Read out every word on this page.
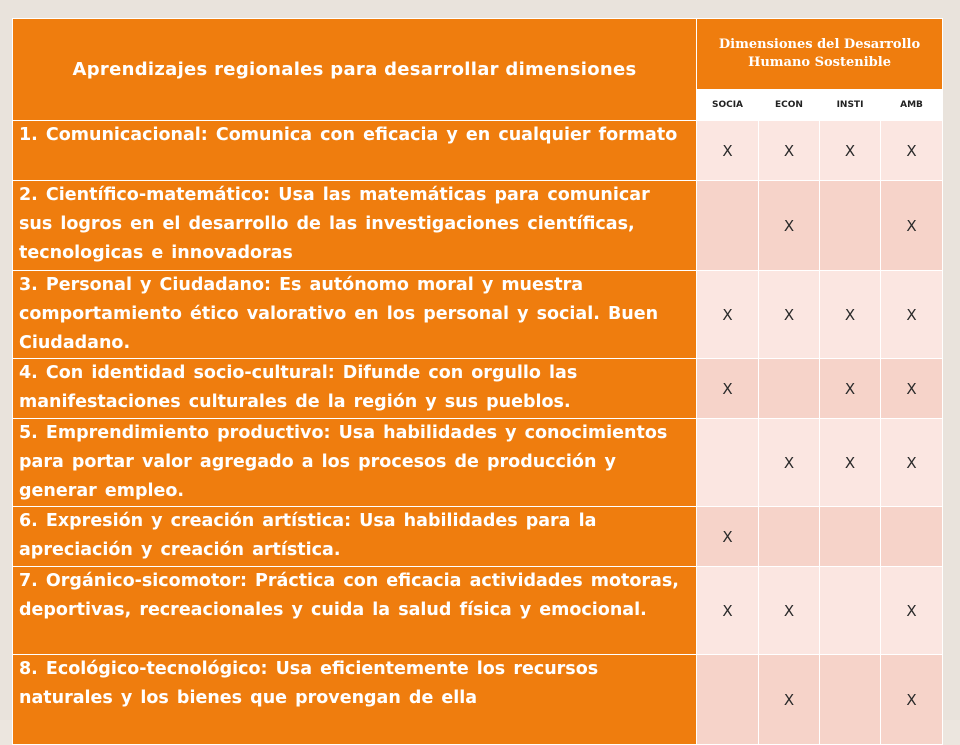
Aprendizajes regionales para desarrollar dimensiones	Dimensiones del Desarrollo Humano Sostenible			
	SOCIA	ECON	INSTI	AMB
1. Comunicacional: Comunica con eficacia y en cualquier formato	X	X	X	X
2. Científico-matemático: Usa las matemáticas para comunicar sus logros en el desarrollo de las investigaciones científicas, tecnologicas e innovadoras		X		X
3. Personal y Ciudadano: Es autónomo moral y muestra comportamiento ético valorativo en los personal y social. Buen Ciudadano.	X	X	X	X
4. Con identidad socio-cultural: Difunde con orgullo las manifestaciones culturales de la región y sus pueblos.	X		X	X
5. Emprendimiento productivo: Usa habilidades y conocimientos para portar valor agregado a los procesos de producción y generar empleo.		X	X	X
6. Expresión y creación artística: Usa habilidades para la apreciación y creación artística.	X			
7. Orgánico-sicomotor: Práctica con eficacia actividades motoras, deportivas, recreacionales y cuida la salud física y emocional.	X	X		X
8. Ecológico-tecnológico: Usa eficientemente los recursos naturales y los bienes que provengan de ella		X		X
